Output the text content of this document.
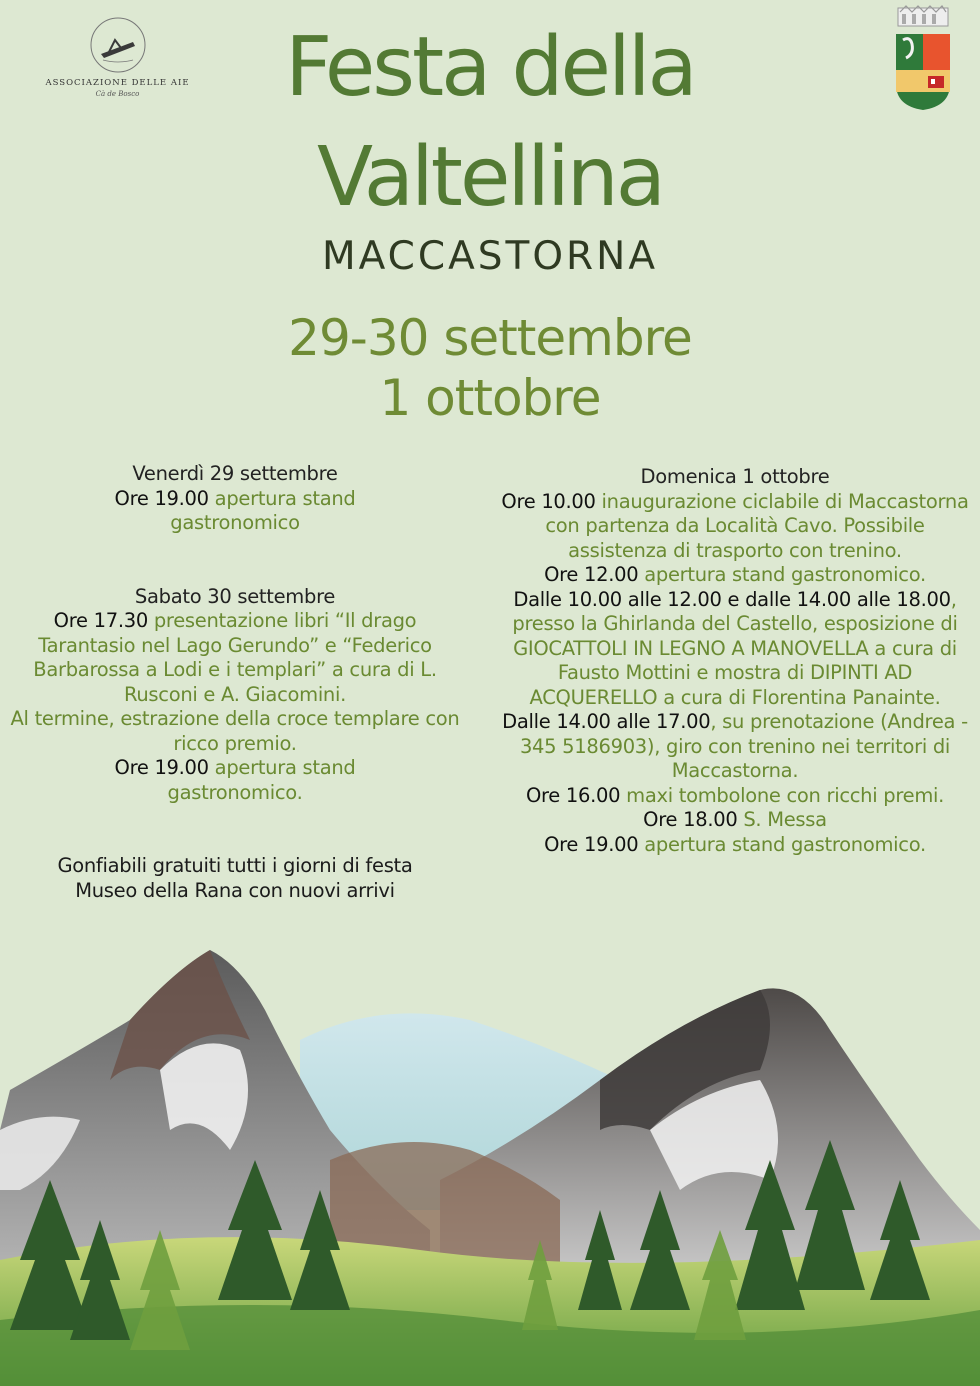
ASSOCIAZIONE DELLE AIE
Cà de Bosco	Festa della
Valtellina
MACCASTORNA
29-30 settembre
1 ottobre

Venerdì 29 settembre

Ore 19.00 apertura stand
gastronomico

Sabato 30 settembre

Ore 17.30 presentazione libri “Il drago Tarantasio nel Lago Gerundo” e “Federico Barbarossa a Lodi e i templari” a cura di L. Rusconi e A. Giacomini.

Al termine, estrazione della croce templare con ricco premio.

Ore 19.00 apertura stand
gastronomico.

Gonfiabili gratuiti tutti i giorni di festa

Museo della Rana con nuovi arrivi

Domenica 1 ottobre

Ore 10.00 inaugurazione ciclabile di Maccastorna con partenza da Località Cavo. Possibile assistenza di trasporto con trenino.

Ore 12.00 apertura stand gastronomico.

Dalle 10.00 alle 12.00 e dalle 14.00 alle 18.00, presso la Ghirlanda del Castello, esposizione di GIOCATTOLI IN LEGNO A MANOVELLA a cura di Fausto Mottini e mostra di DIPINTI AD ACQUERELLO a cura di Florentina Panainte.

Dalle 14.00 alle 17.00, su prenotazione (Andrea - 345 5186903), giro con trenino nei territori di Maccastorna.

Ore 16.00 maxi tombolone con ricchi premi.

Ore 18.00 S. Messa

Ore 19.00 apertura stand gastronomico.
